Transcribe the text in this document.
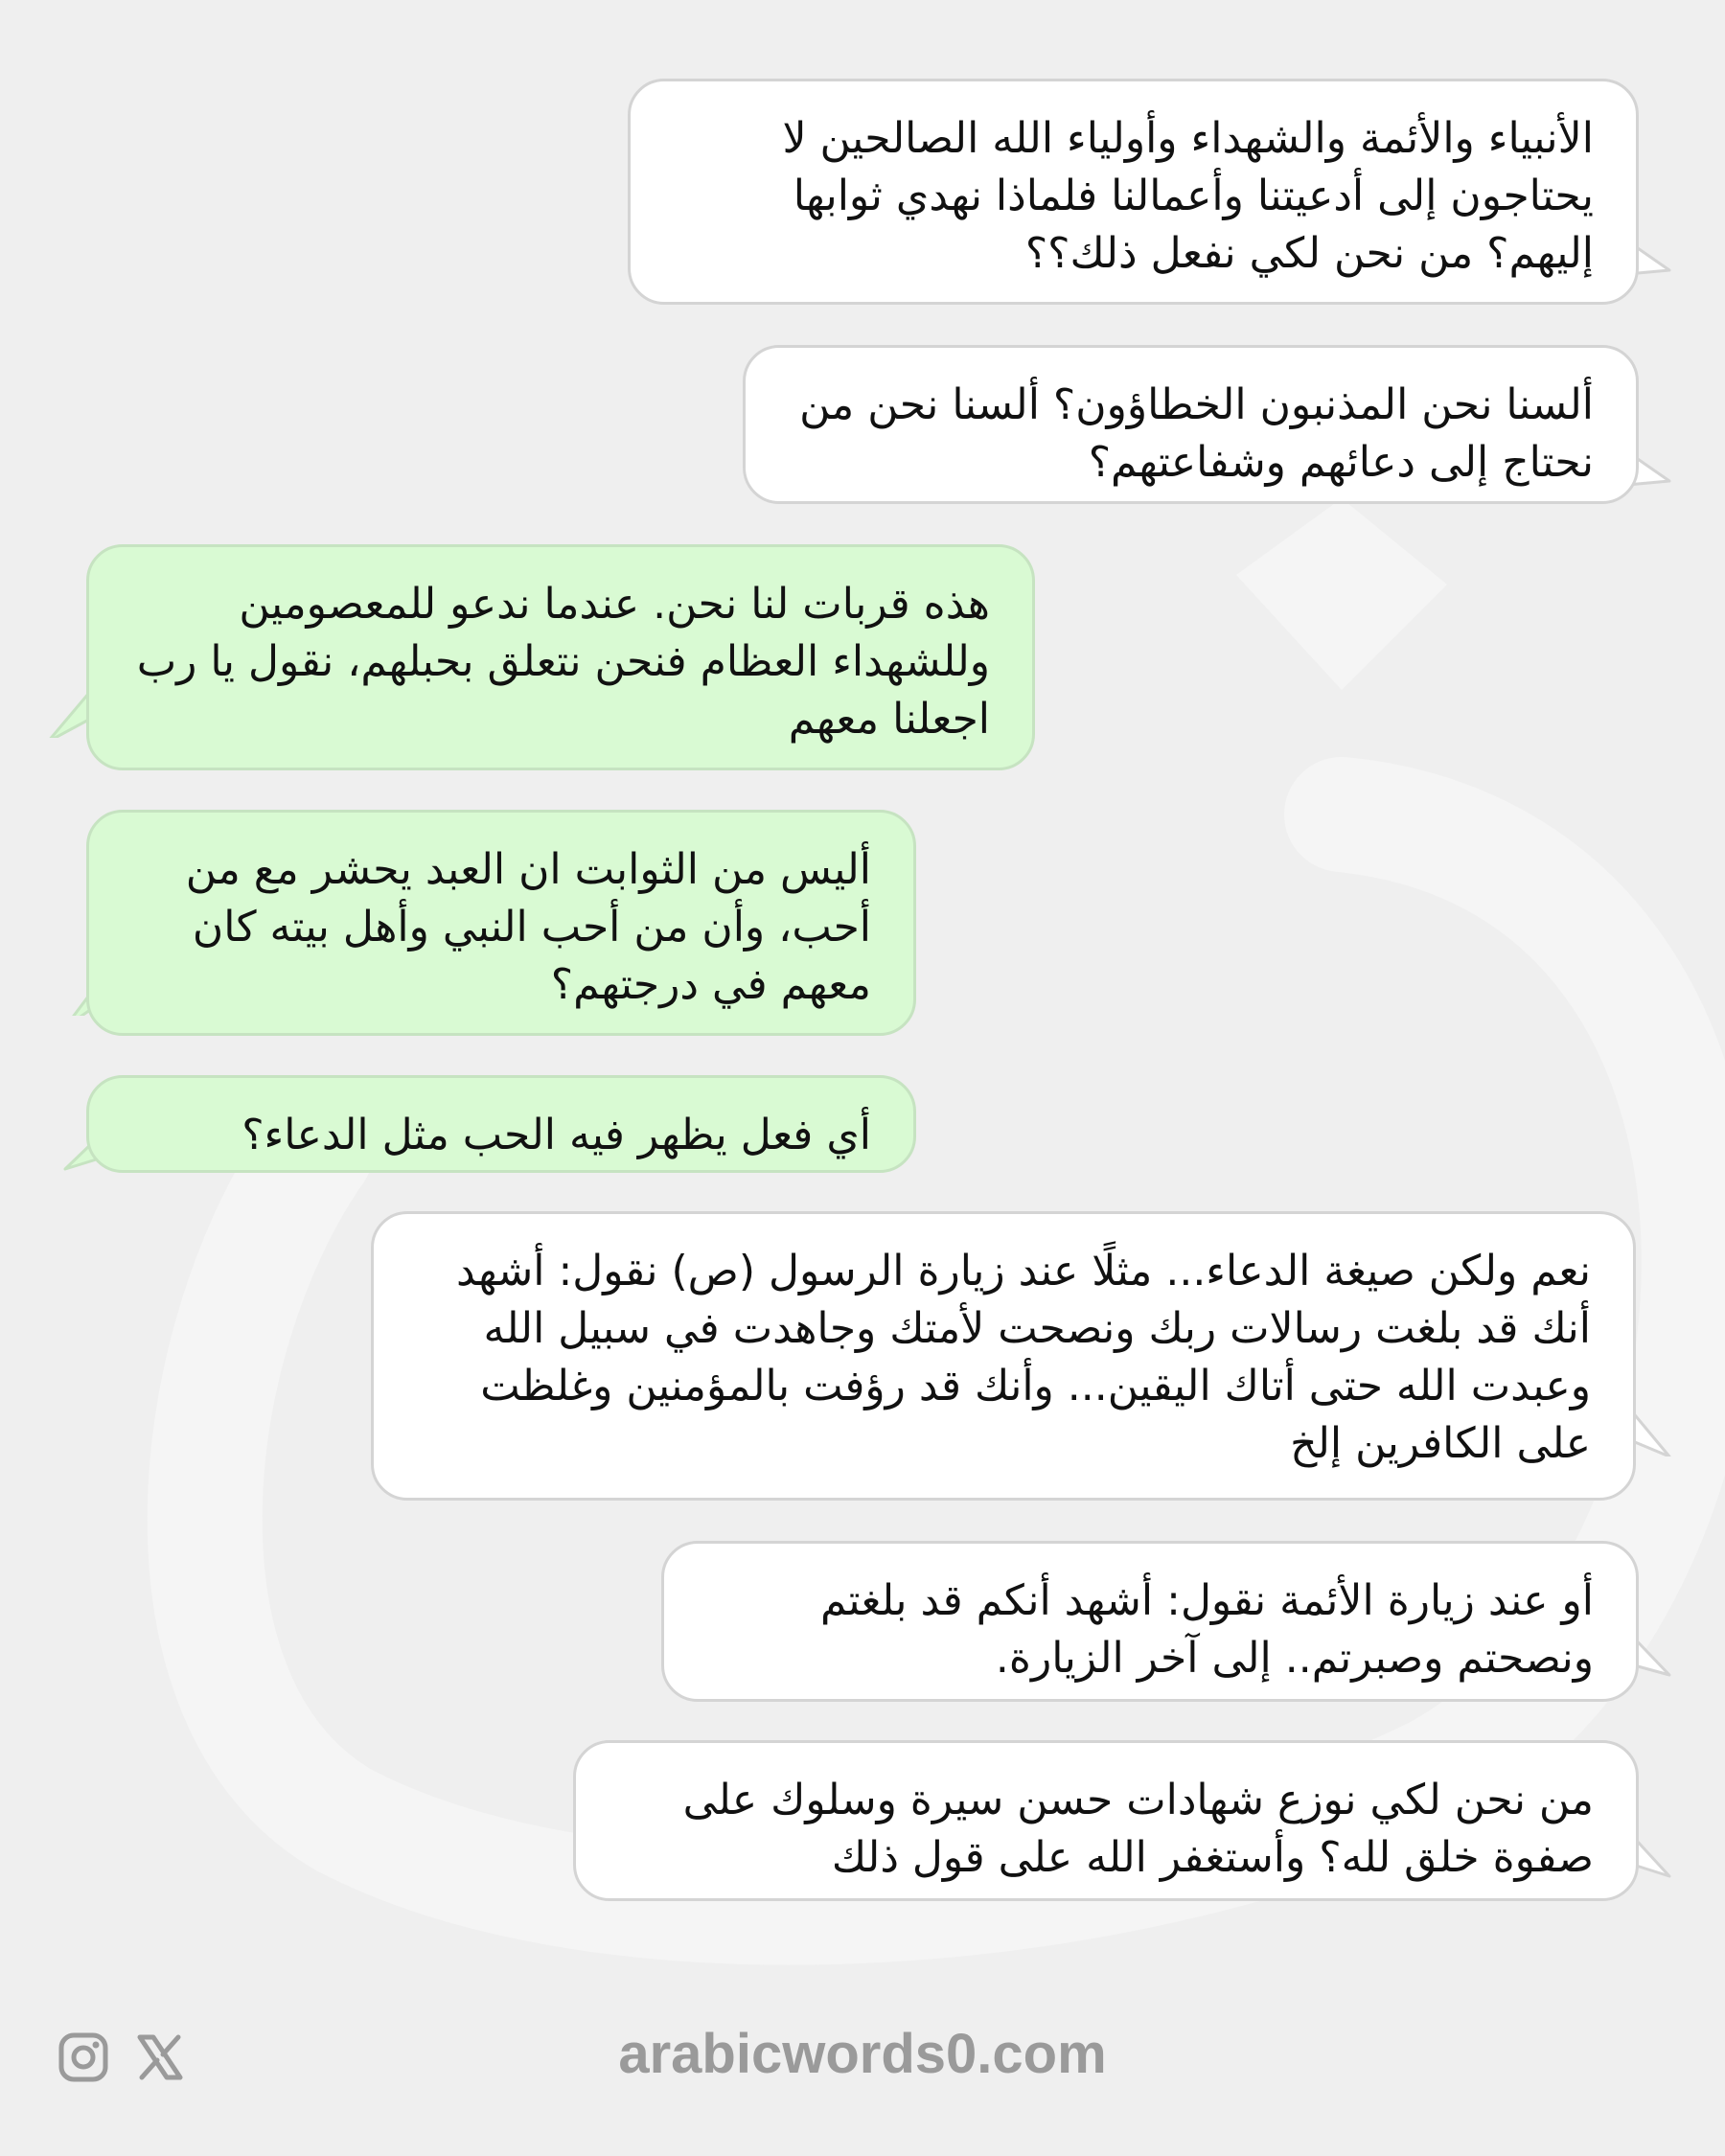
الأنبياء والأئمة والشهداء وأولياء الله الصالحين لا يحتاجون إلى أدعيتنا وأعمالنا فلماذا نهدي ثوابها إليهم؟ من نحن لكي نفعل ذلك؟؟
ألسنا نحن المذنبون الخطاؤون؟ ألسنا نحن من نحتاج إلى دعائهم وشفاعتهم؟
هذه قربات لنا نحن. عندما ندعو للمعصومين وللشهداء العظام فنحن نتعلق بحبلهم، نقول يا رب اجعلنا معهم
أليس من الثوابت ان العبد يحشر مع من أحب، وأن من أحب النبي وأهل بيته كان معهم في درجتهم؟
أي فعل يظهر فيه الحب مثل الدعاء؟
نعم ولكن صيغة الدعاء... مثلًا عند زيارة الرسول (ص) نقول: أشهد أنك قد بلغت رسالات ربك ونصحت لأمتك وجاهدت في سبيل الله وعبدت الله حتى أتاك اليقين... وأنك قد رؤفت بالمؤمنين وغلظت على الكافرين إلخ
أو عند زيارة الأئمة نقول: أشهد أنكم قد بلغتم ونصحتم وصبرتم.. إلى آخر الزيارة.
من نحن لكي نوزع شهادات حسن سيرة وسلوك على صفوة خلق لله؟ وأستغفر الله على قول ذلك
arabicwords0.com
